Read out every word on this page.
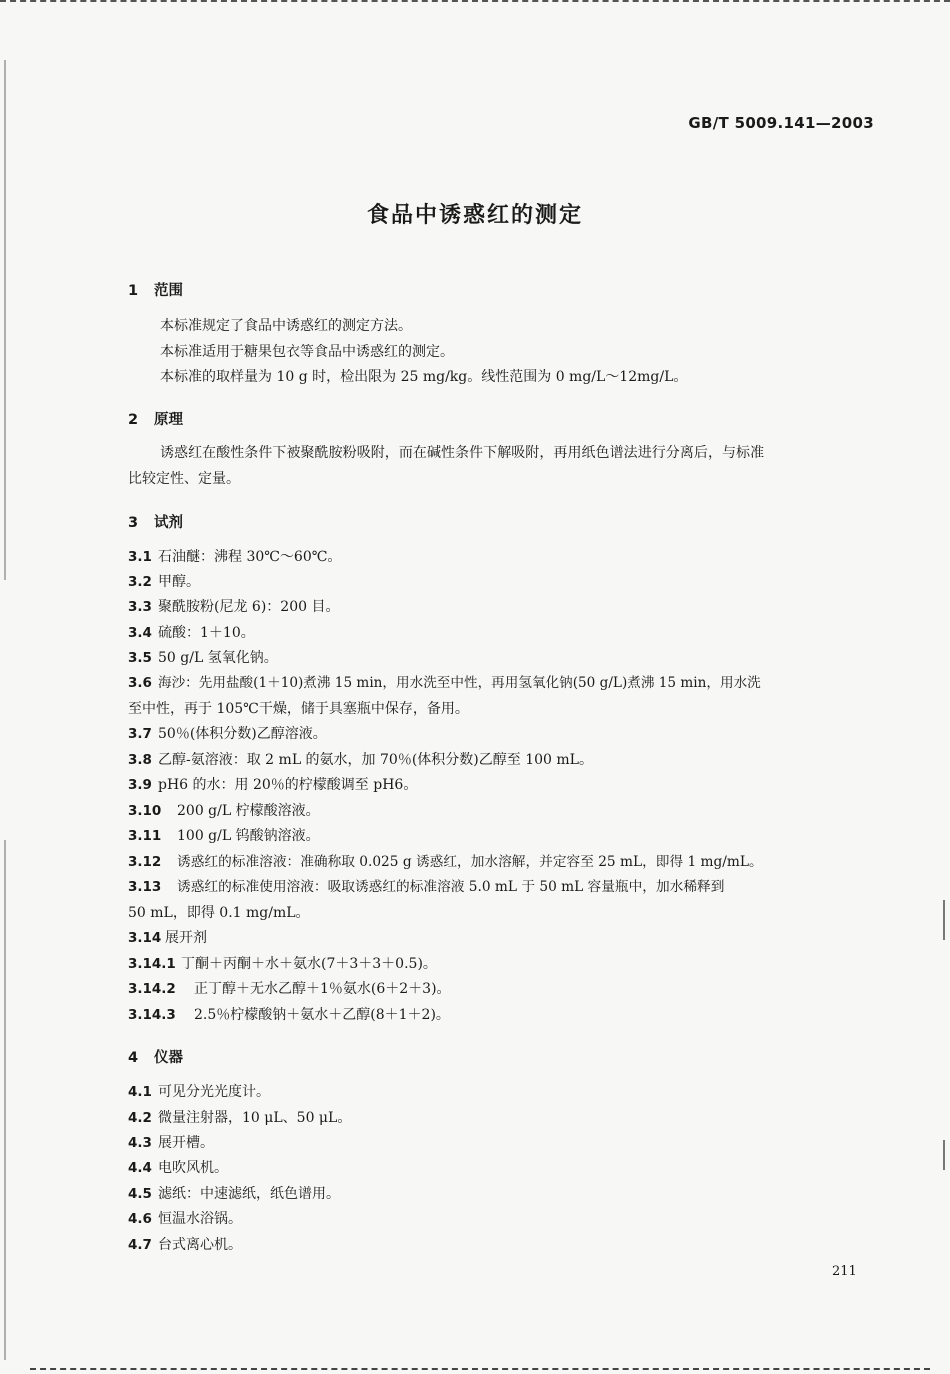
GB/T 5009.141—2003
食品中诱惑红的测定
1 范围
本标准规定了食品中诱惑红的测定方法。
本标准适用于糖果包衣等食品中诱惑红的测定。
本标准的取样量为 10 g 时，检出限为 25 mg/kg。线性范围为 0 mg/L～12mg/L。
2 原理
诱惑红在酸性条件下被聚酰胺粉吸附，而在碱性条件下解吸附，再用纸色谱法进行分离后，与标准
比较定性、定量。
3 试剂
3.1 石油醚：沸程 30℃～60℃。
3.2 甲醇。
3.3 聚酰胺粉(尼龙 6)：200 目。
3.4 硫酸：1＋10。
3.5 50 g/L 氢氧化钠。
3.6 海沙：先用盐酸(1＋10)煮沸 15 min，用水洗至中性，再用氢氧化钠(50 g/L)煮沸 15 min，用水洗
至中性，再于 105℃干燥，储于具塞瓶中保存，备用。
3.7 50％(体积分数)乙醇溶液。
3.8 乙醇-氨溶液：取 2 mL 的氨水，加 70％(体积分数)乙醇至 100 mL。
3.9 pH6 的水：用 20％的柠檬酸调至 pH6。
3.10 200 g/L 柠檬酸溶液。
3.11 100 g/L 钨酸钠溶液。
3.12 诱惑红的标准溶液：准确称取 0.025 g 诱惑红，加水溶解，并定容至 25 mL，即得 1 mg/mL。
3.13 诱惑红的标准使用溶液：吸取诱惑红的标准溶液 5.0 mL 于 50 mL 容量瓶中，加水稀释到
50 mL，即得 0.1 mg/mL。
3.14 展开剂
3.14.1 丁酮＋丙酮＋水＋氨水(7＋3＋3＋0.5)。
3.14.2 正丁醇＋无水乙醇＋1％氨水(6＋2＋3)。
3.14.3 2.5％柠檬酸钠＋氨水＋乙醇(8＋1＋2)。
4 仪器
4.1 可见分光光度计。
4.2 微量注射器，10 μL、50 μL。
4.3 展开槽。
4.4 电吹风机。
4.5 滤纸：中速滤纸，纸色谱用。
4.6 恒温水浴锅。
4.7 台式离心机。
211
